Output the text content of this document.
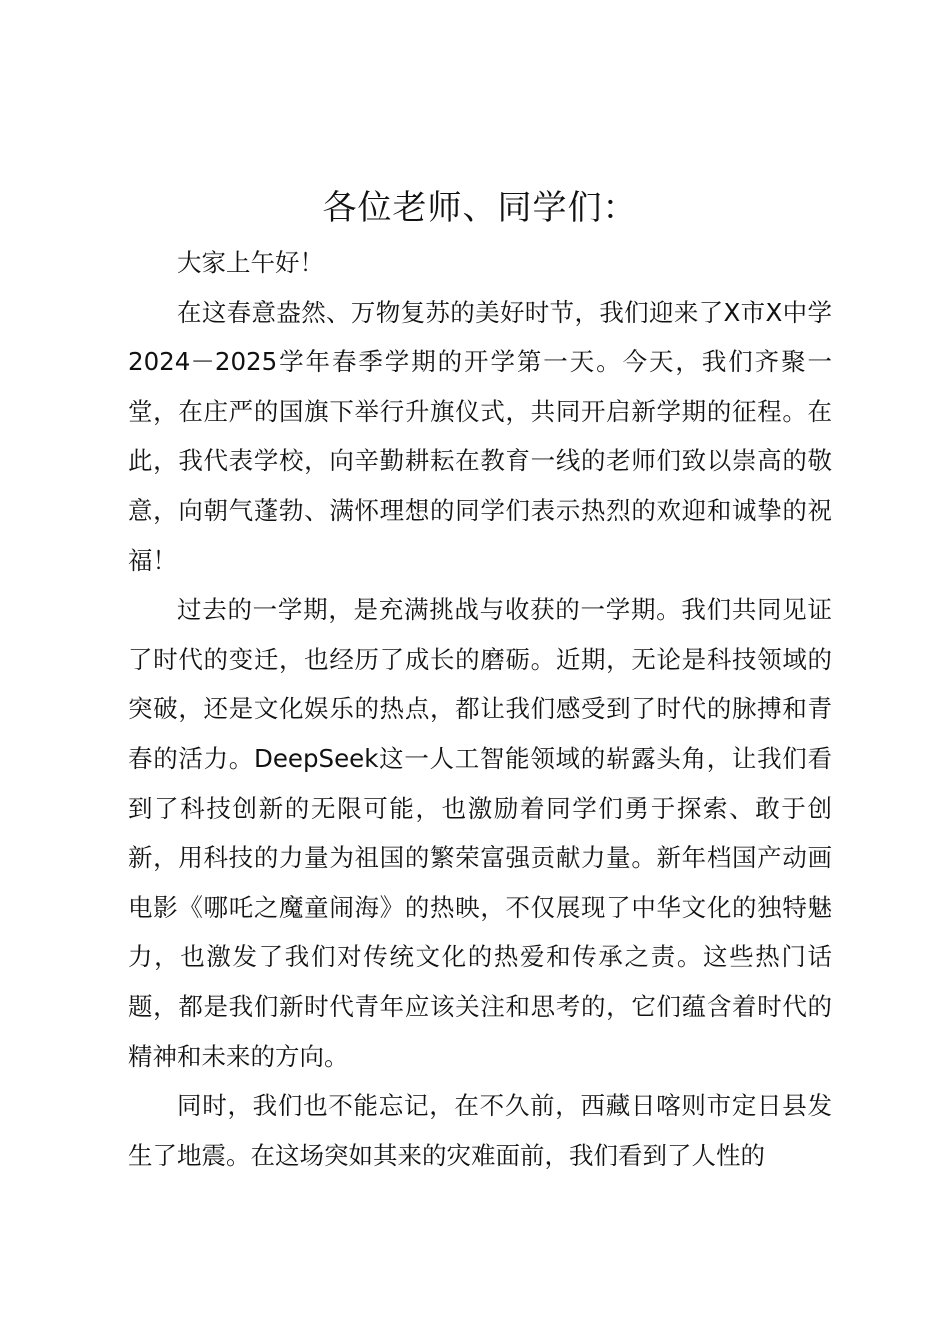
各位老师、同学们：

大家上午好！

在这春意盎然、万物复苏的美好时节，我们迎来了X市X中学2024－2025学年春季学期的开学第一天。今天，我们齐聚一堂，在庄严的国旗下举行升旗仪式，共同开启新学期的征程。在此，我代表学校，向辛勤耕耘在教育一线的老师们致以崇高的敬意，向朝气蓬勃、满怀理想的同学们表示热烈的欢迎和诚挚的祝福！

过去的一学期，是充满挑战与收获的一学期。我们共同见证了时代的变迁，也经历了成长的磨砺。近期，无论是科技领域的突破，还是文化娱乐的热点，都让我们感受到了时代的脉搏和青春的活力。DeepSeek这一人工智能领域的崭露头角，让我们看到了科技创新的无限可能，也激励着同学们勇于探索、敢于创新，用科技的力量为祖国的繁荣富强贡献力量。新年档国产动画电影《哪吒之魔童闹海》的热映，不仅展现了中华文化的独特魅力，也激发了我们对传统文化的热爱和传承之责。这些热门话题，都是我们新时代青年应该关注和思考的，它们蕴含着时代的精神和未来的方向。

同时，我们也不能忘记，在不久前，西藏日喀则市定日县发生了地震。在这场突如其来的灾难面前，我们看到了人性的
